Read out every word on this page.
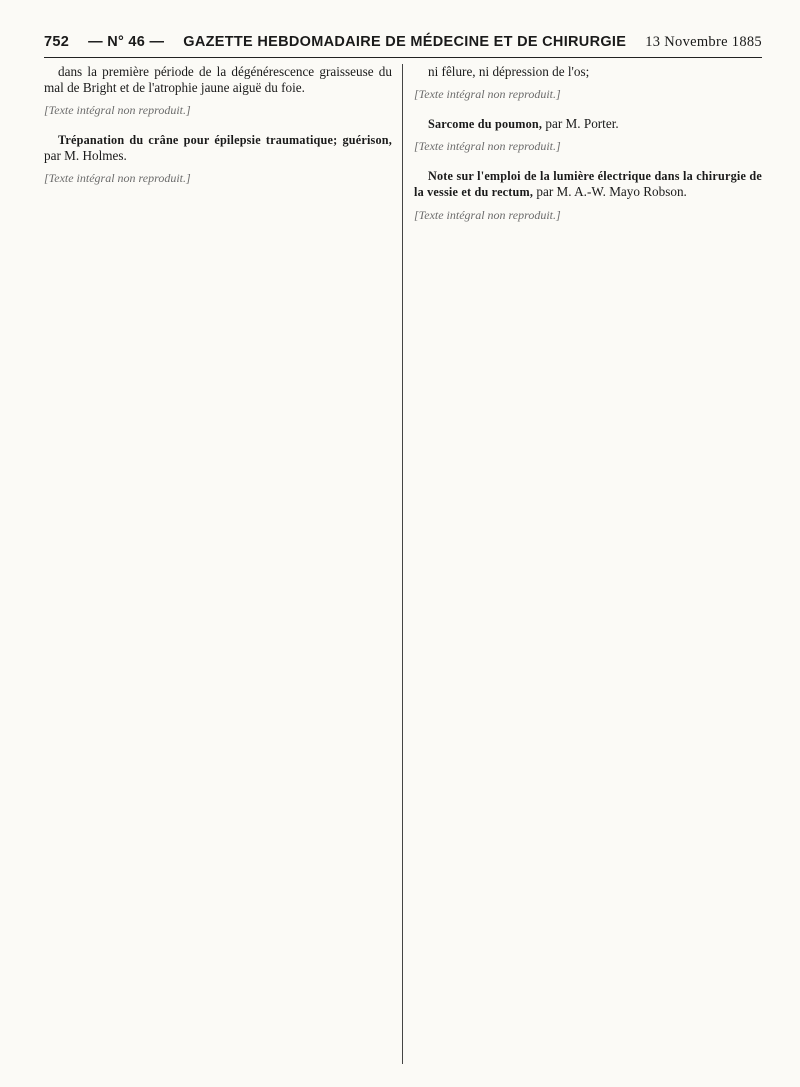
752 — N° 46 — GAZETTE HEBDOMADAIRE DE MÉDECINE ET DE CHIRURGIE 13 Novembre 1885

dans la première période de la dégénérescence graisseuse du mal de Bright et de l'atrophie jaune aiguë du foie.

[Texte intégral non reproduit.]

Trépanation du crâne pour épilepsie traumatique; guérison, par M. Holmes.

[Texte intégral non reproduit.]

ni fêlure, ni dépression de l'os;

[Texte intégral non reproduit.]

Sarcome du poumon, par M. Porter.

[Texte intégral non reproduit.]

Note sur l'emploi de la lumière électrique dans la chirurgie de la vessie et du rectum, par M. A.-W. Mayo Robson.

[Texte intégral non reproduit.]
